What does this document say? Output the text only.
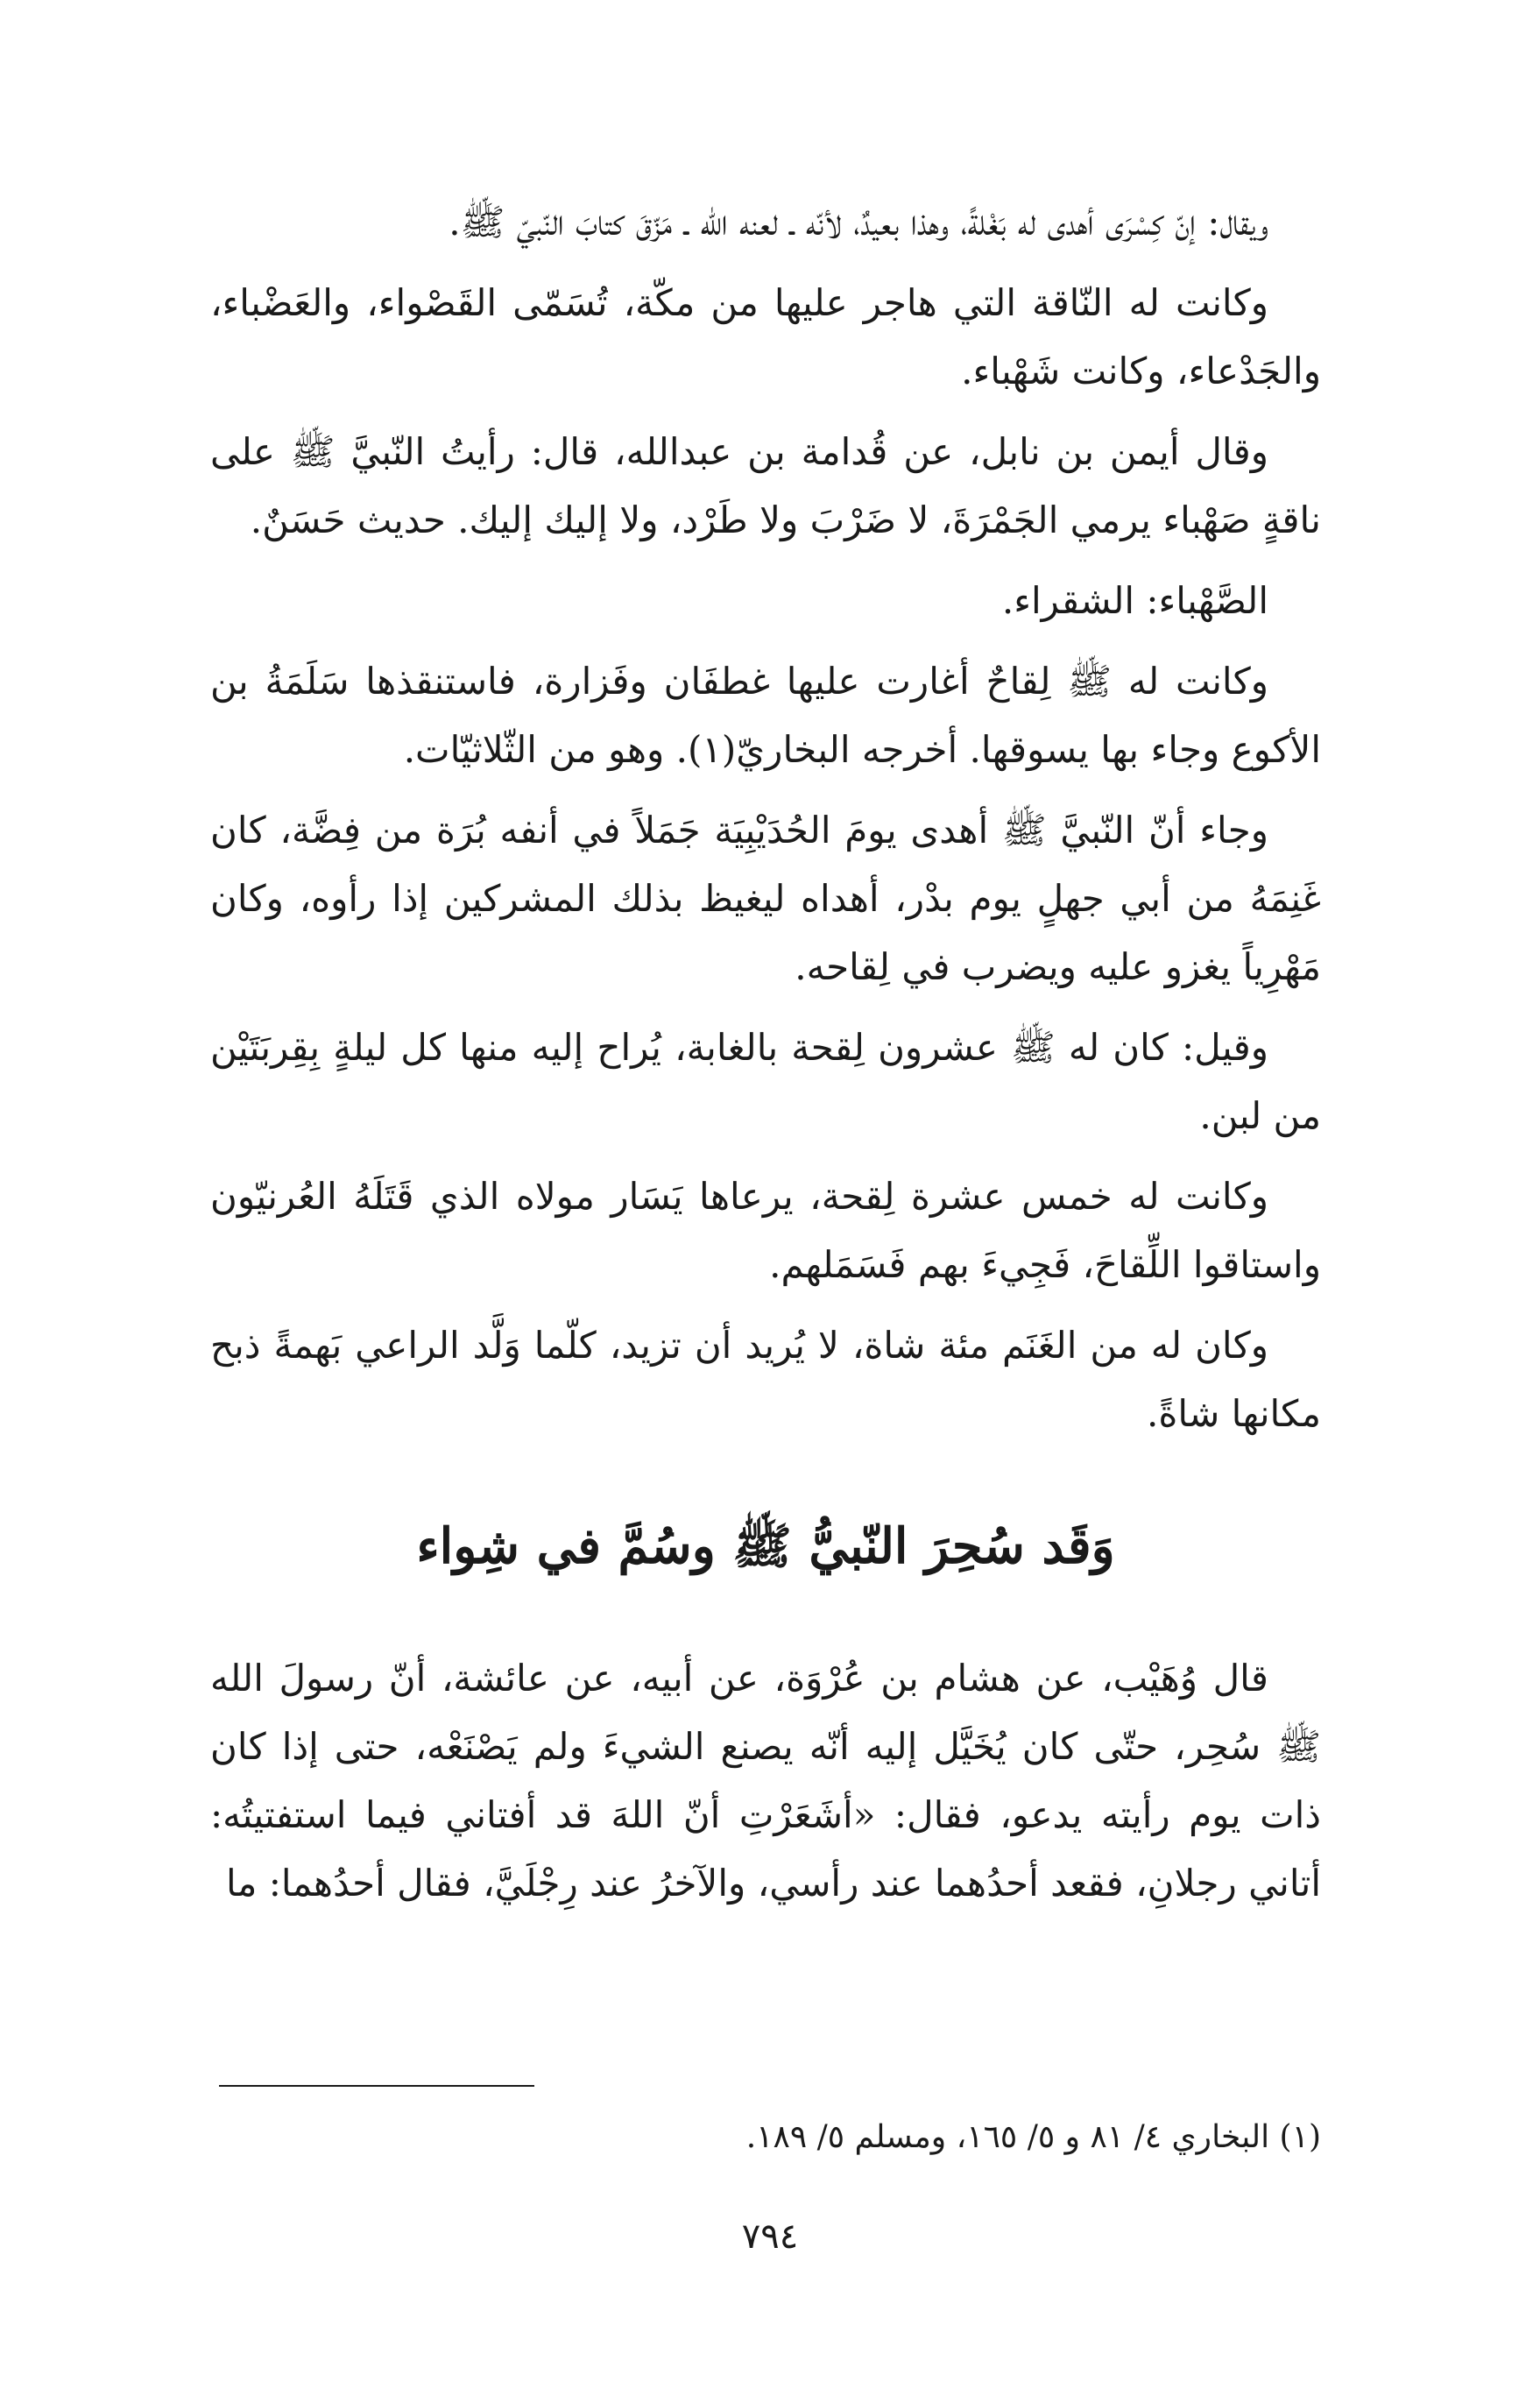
ويقال: إنّ كِسْرَى أهدى له بَغْلةً، وهذا بعيدٌ، لأنّه ـ لعنه الله ـ مَزّقَ كتابَ النّبيّ ﷺ.

وكانت له النّاقة التي هاجر عليها من مكّة، تُسَمّى القَصْواء، والعَضْباء، والجَدْعاء، وكانت شَهْباء.

وقال أيمن بن نابل، عن قُدامة بن عبدالله، قال: رأيتُ النّبيَّ ﷺ على ناقةٍ صَهْباء يرمي الجَمْرَةَ، لا ضَرْبَ ولا طَرْد، ولا إليك إليك. حديث حَسَنٌ.

الصَّهْباء: الشقراء.

وكانت له ﷺ لِقاحٌ أغارت عليها غطفَان وفَزارة، فاستنقذها سَلَمَةُ بن الأكوع وجاء بها يسوقها. أخرجه البخاريّ(١). وهو من الثّلاثيّات.

وجاء أنّ النّبيَّ ﷺ أهدى يومَ الحُدَيْبِيَة جَمَلاً في أنفه بُرَة من فِضَّة، كان غَنِمَهُ من أبي جهلٍ يوم بدْر، أهداه ليغيظ بذلك المشركين إذا رأوه، وكان مَهْرِياً يغزو عليه ويضرب في لِقاحه.

وقيل: كان له ﷺ عشرون لِقحة بالغابة، يُراح إليه منها كل ليلةٍ بِقِربَتَيْن من لبن.

وكانت له خمس عشرة لِقحة، يرعاها يَسَار مولاه الذي قَتَلَهُ العُرنيّون واستاقوا اللِّقاحَ، فَجِيءَ بهم فَسَمَلهم.

وكان له من الغَنَم مئة شاة، لا يُريد أن تزيد، كلّما وَلَّد الراعي بَهمةً ذبح مكانها شاةً.

وَقَد سُحِرَ النّبيُّ ﷺ وسُمَّ في شِواء

قال وُهَيْب، عن هشام بن عُرْوَة، عن أبيه، عن عائشة، أنّ رسولَ الله ﷺ سُحِر، حتّى كان يُخَيَّل إليه أنّه يصنع الشيءَ ولم يَصْنَعْه، حتى إذا كان ذات يوم رأيته يدعو، فقال: «أشَعَرْتِ أنّ اللهَ قد أفتاني فيما استفتيتُه: أتاني رجلانِ، فقعد أحدُهما عند رأسي، والآخرُ عند رِجْلَيَّ، فقال أحدُهما: ما

(١) البخاري ٤/ ٨١ و ٥/ ١٦٥، ومسلم ٥/ ١٨٩.
٧٩٤
